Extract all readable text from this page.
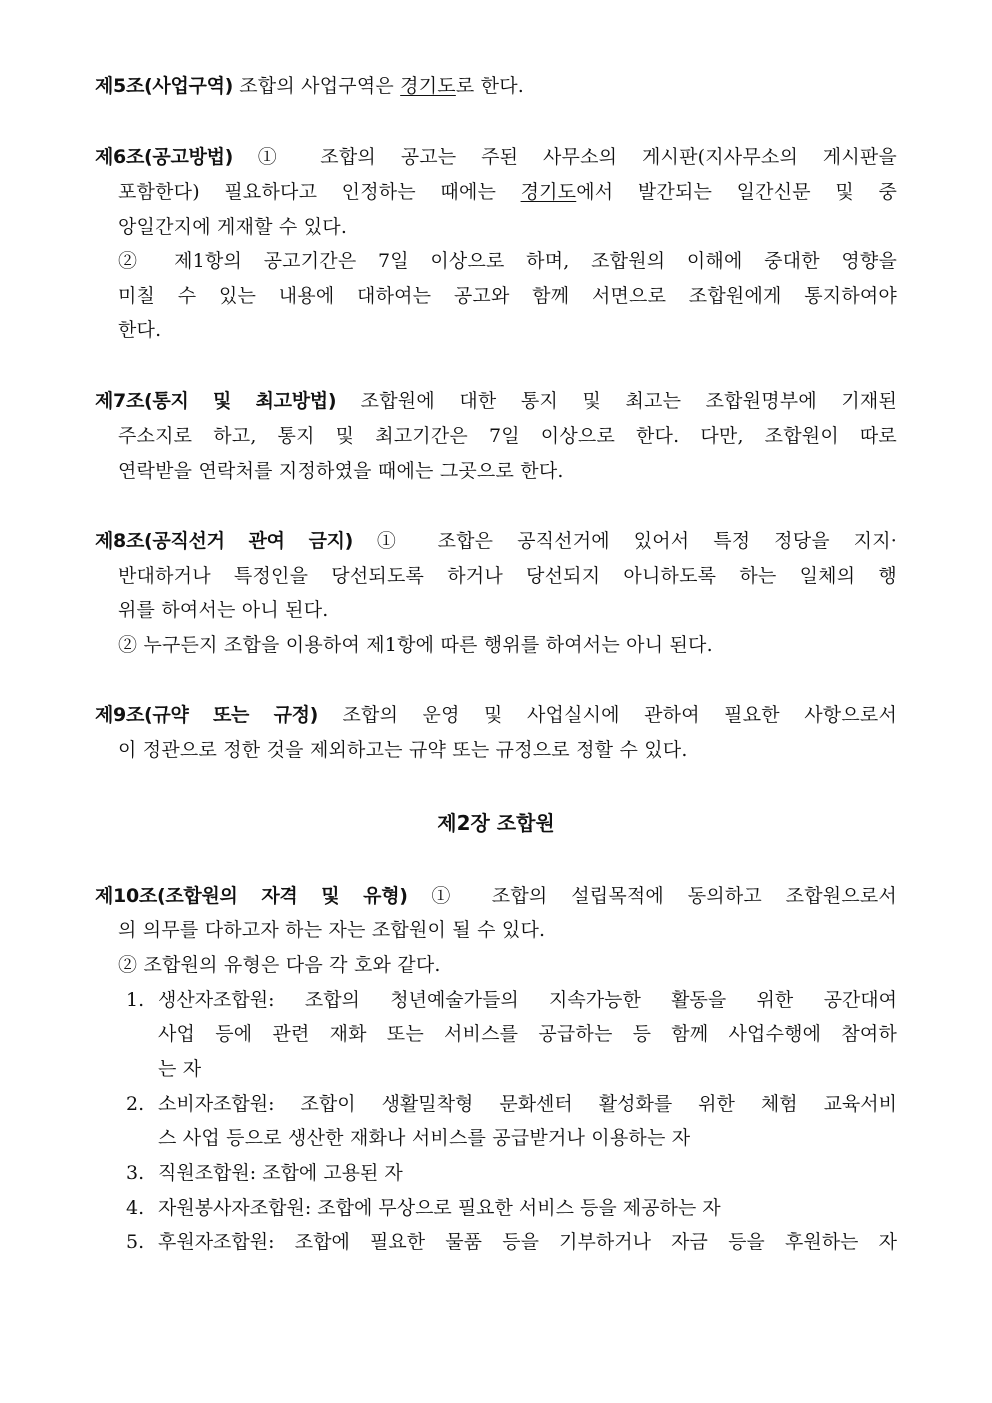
제5조(사업구역) 조합의 사업구역은 경기도로 한다.
제6조(공고방법) ① 조합의 공고는 주된 사무소의 게시판(지사무소의 게시판을
포함한다) 필요하다고 인정하는 때에는 경기도에서 발간되는 일간신문 및 중
앙일간지에 게재할 수 있다.
② 제1항의 공고기간은 7일 이상으로 하며, 조합원의 이해에 중대한 영향을
미칠 수 있는 내용에 대하여는 공고와 함께 서면으로 조합원에게 통지하여야
한다.
제7조(통지 및 최고방법) 조합원에 대한 통지 및 최고는 조합원명부에 기재된
주소지로 하고, 통지 및 최고기간은 7일 이상으로 한다. 다만, 조합원이 따로
연락받을 연락처를 지정하였을 때에는 그곳으로 한다.
제8조(공직선거 관여 금지) ① 조합은 공직선거에 있어서 특정 정당을 지지·
반대하거나 특정인을 당선되도록 하거나 당선되지 아니하도록 하는 일체의 행
위를 하여서는 아니 된다.
② 누구든지 조합을 이용하여 제1항에 따른 행위를 하여서는 아니 된다.
제9조(규약 또는 규정) 조합의 운영 및 사업실시에 관하여 필요한 사항으로서
이 정관으로 정한 것을 제외하고는 규약 또는 규정으로 정할 수 있다.
제2장 조합원
제10조(조합원의 자격 및 유형) ① 조합의 설립목적에 동의하고 조합원으로서
의 의무를 다하고자 하는 자는 조합원이 될 수 있다.
② 조합원의 유형은 다음 각 호와 같다.
1. 생산자조합원: 조합의 청년예술가들의 지속가능한 활동을 위한 공간대여
사업 등에 관련 재화 또는 서비스를 공급하는 등 함께 사업수행에 참여하
는 자
2. 소비자조합원: 조합이 생활밀착형 문화센터 활성화를 위한 체험 교육서비
스 사업 등으로 생산한 재화나 서비스를 공급받거나 이용하는 자
3. 직원조합원: 조합에 고용된 자
4. 자원봉사자조합원: 조합에 무상으로 필요한 서비스 등을 제공하는 자
5. 후원자조합원: 조합에 필요한 물품 등을 기부하거나 자금 등을 후원하는 자
